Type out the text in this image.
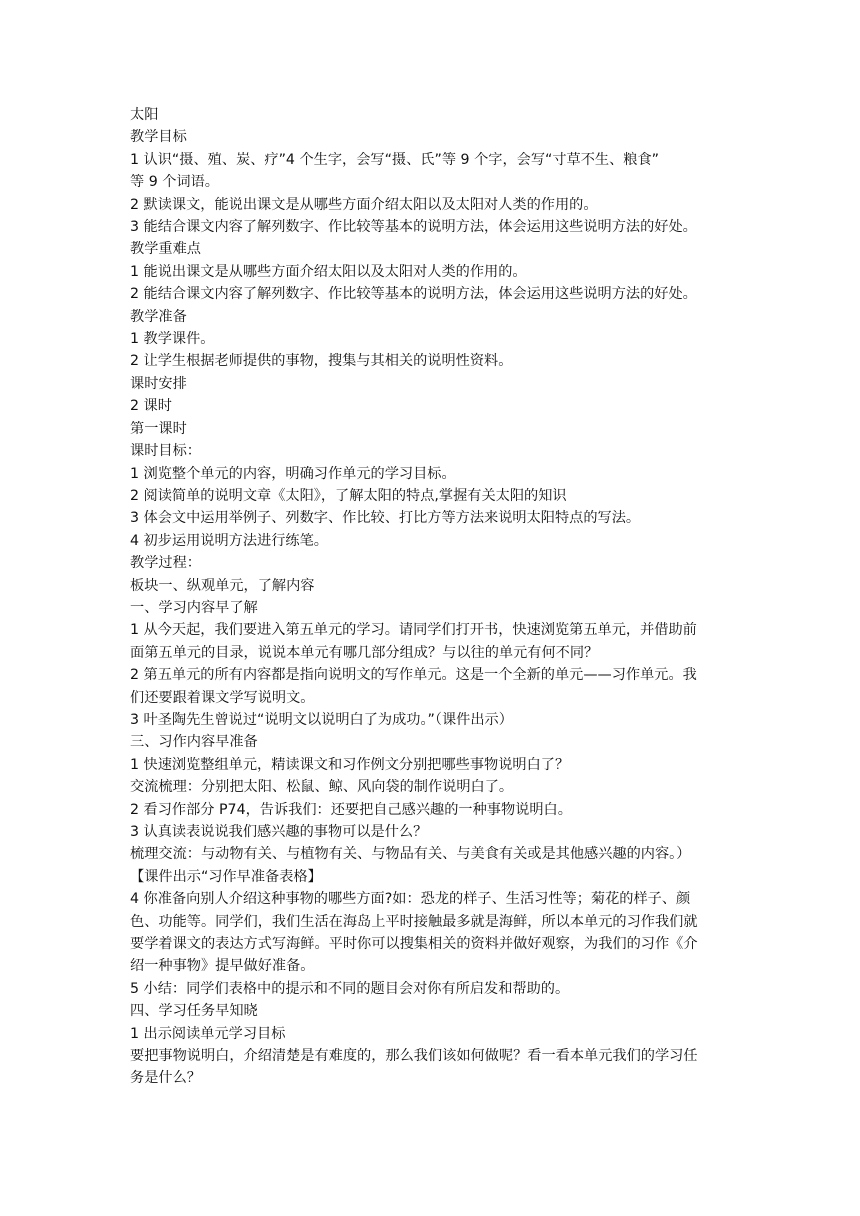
太阳
教学目标
1 认识“摄、殖、炭、疗”4 个生字，会写“摄、氏”等 9 个字，会写“寸草不生、粮食”
等 9 个词语。
2 默读课文，能说出课文是从哪些方面介绍太阳以及太阳对人类的作用的。
3 能结合课文内容了解列数字、作比较等基本的说明方法，体会运用这些说明方法的好处。
教学重难点
1 能说出课文是从哪些方面介绍太阳以及太阳对人类的作用的。
2 能结合课文内容了解列数字、作比较等基本的说明方法，体会运用这些说明方法的好处。
教学准备
1 教学课件。
2 让学生根据老师提供的事物，搜集与其相关的说明性资料。
课时安排
2 课时
第一课时
课时目标：
1 浏览整个单元的内容，明确习作单元的学习目标。
2 阅读简单的说明文章《太阳》，了解太阳的特点,掌握有关太阳的知识
3 体会文中运用举例子、列数字、作比较、打比方等方法来说明太阳特点的写法。
4 初步运用说明方法进行练笔。
教学过程：
板块一、纵观单元，了解内容
一、学习内容早了解
1 从今天起，我们要进入第五单元的学习。请同学们打开书，快速浏览第五单元，并借助前
面第五单元的目录，说说本单元有哪几部分组成？与以往的单元有何不同？
2 第五单元的所有内容都是指向说明文的写作单元。这是一个全新的单元——习作单元。我
们还要跟着课文学写说明文。
3 叶圣陶先生曾说过“说明文以说明白了为成功。”（课件出示）
三、习作内容早准备
1 快速浏览整组单元，精读课文和习作例文分别把哪些事物说明白了？
交流梳理：分别把太阳、松鼠、鲸、风向袋的制作说明白了。
2 看习作部分 P74，告诉我们：还要把自己感兴趣的一种事物说明白。
3 认真读表说说我们感兴趣的事物可以是什么？
梳理交流：与动物有关、与植物有关、与物品有关、与美食有关或是其他感兴趣的内容。）
【课件出示“习作早准备表格】
4 你准备向别人介绍这种事物的哪些方面?如：恐龙的样子、生活习性等；菊花的样子、颜
色、功能等。同学们，我们生活在海岛上平时接触最多就是海鲜，所以本单元的习作我们就
要学着课文的表达方式写海鲜。平时你可以搜集相关的资料并做好观察，为我们的习作《介
绍一种事物》提早做好准备。
5 小结：同学们表格中的提示和不同的题目会对你有所启发和帮助的。
四、学习任务早知晓
1 出示阅读单元学习目标
要把事物说明白，介绍清楚是有难度的，那么我们该如何做呢？看一看本单元我们的学习任
务是什么？
